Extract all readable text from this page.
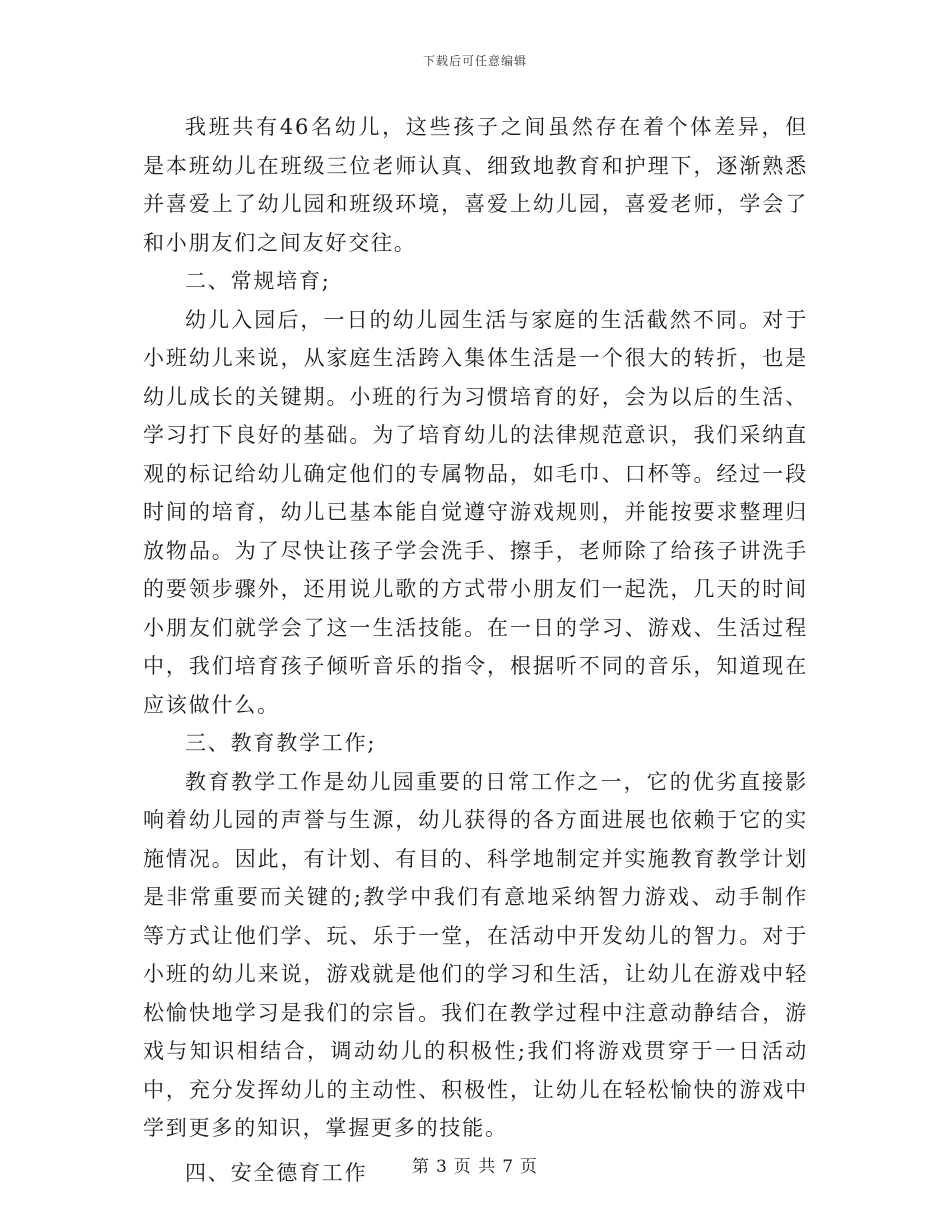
下载后可任意编辑

我班共有46名幼儿，这些孩子之间虽然存在着个体差异，但是本班幼儿在班级三位老师认真、细致地教育和护理下，逐渐熟悉并喜爱上了幼儿园和班级环境，喜爱上幼儿园，喜爱老师，学会了和小朋友们之间友好交往。

二、常规培育;

幼儿入园后，一日的幼儿园生活与家庭的生活截然不同。对于小班幼儿来说，从家庭生活跨入集体生活是一个很大的转折，也是幼儿成长的关键期。小班的行为习惯培育的好，会为以后的生活、学习打下良好的基础。为了培育幼儿的法律规范意识，我们采纳直观的标记给幼儿确定他们的专属物品，如毛巾、口杯等。经过一段时间的培育，幼儿已基本能自觉遵守游戏规则，并能按要求整理归放物品。为了尽快让孩子学会洗手、擦手，老师除了给孩子讲洗手的要领步骤外，还用说儿歌的方式带小朋友们一起洗，几天的时间小朋友们就学会了这一生活技能。在一日的学习、游戏、生活过程中，我们培育孩子倾听音乐的指令，根据听不同的音乐，知道现在应该做什么。

三、教育教学工作;

教育教学工作是幼儿园重要的日常工作之一，它的优劣直接影响着幼儿园的声誉与生源，幼儿获得的各方面进展也依赖于它的实施情况。因此，有计划、有目的、科学地制定并实施教育教学计划是非常重要而关键的;教学中我们有意地采纳智力游戏、动手制作等方式让他们学、玩、乐于一堂，在活动中开发幼儿的智力。对于小班的幼儿来说，游戏就是他们的学习和生活，让幼儿在游戏中轻松愉快地学习是我们的宗旨。我们在教学过程中注意动静结合，游戏与知识相结合，调动幼儿的积极性;我们将游戏贯穿于一日活动中，充分发挥幼儿的主动性、积极性，让幼儿在轻松愉快的游戏中学到更多的知识，掌握更多的技能。

四、安全德育工作	第 3 页 共 7 页
